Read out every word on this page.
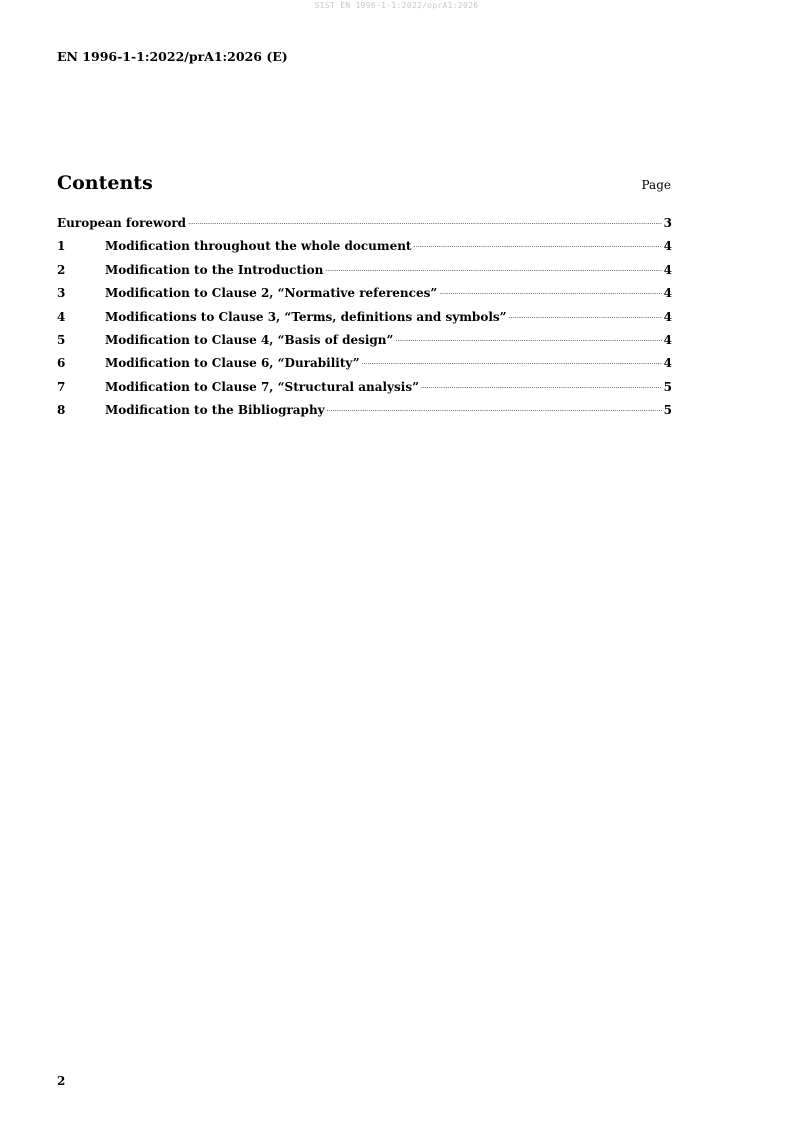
SIST EN 1996-1-1:2022/oprA1:2026
EN 1996-1-1:2022/prA1:2026 (E)
Contents	Page
European foreword .....	3
1	Modification throughout the whole document .....	4
2	Modification to the Introduction .....	4
3	Modification to Clause 2, “Normative references” .....	4
4	Modifications to Clause 3, “Terms, definitions and symbols” .....	4
5	Modification to Clause 4, “Basis of design” .....	4
6	Modification to Clause 6, “Durability” .....	4
7	Modification to Clause 7, “Structural analysis” .....	5
8	Modification to the Bibliography .....	5
2
